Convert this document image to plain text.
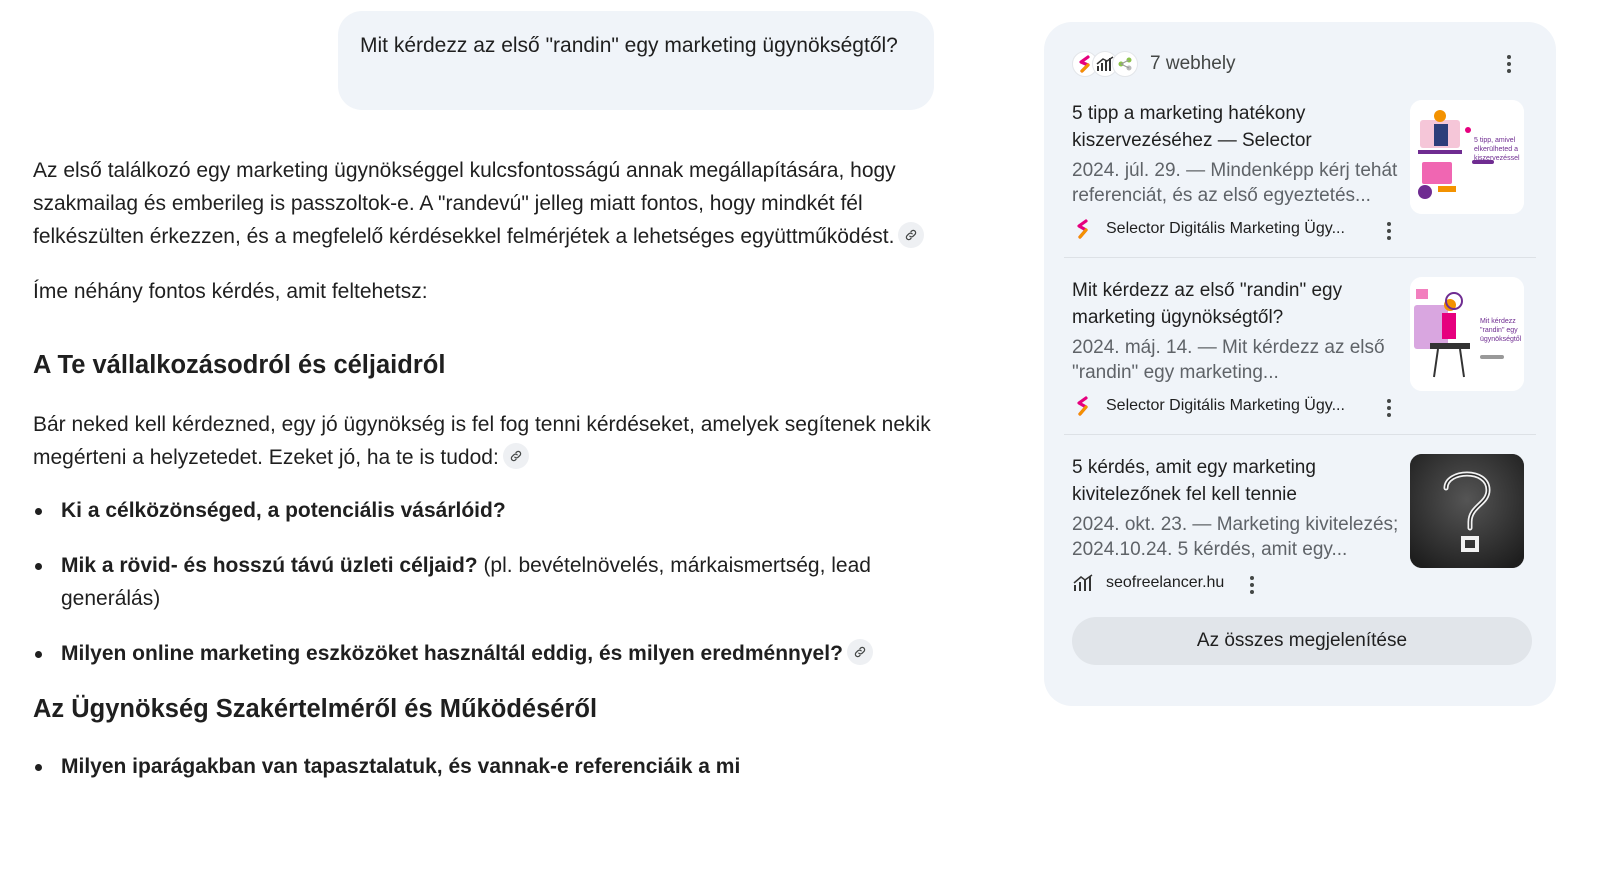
Mit kérdezz az első "randin" egy marketing ügynökségtől?

Az első találkozó egy marketing ügynökséggel kulcsfontosságú annak megállapítására, hogy szakmailag és emberileg is passzoltok-e. A "randevú" jelleg miatt fontos, hogy mindkét fél felkészülten érkezzen, és a megfelelő kérdésekkel felmérjétek a lehetséges együttműködést.

Íme néhány fontos kérdés, amit feltehetsz:

A Te vállalkozásodról és céljaidról

Bár neked kell kérdezned, egy jó ügynökség is fel fog tenni kérdéseket, amelyek segítenek nekik megérteni a helyzetedet. Ezeket jó, ha te is tudod:

Ki a célközönséged, a potenciális vásárlóid?
Mik a rövid- és hosszú távú üzleti céljaid? (pl. bevételnövelés, márkaismertség, lead generálás)
Milyen online marketing eszközöket használtál eddig, és milyen eredménnyel?
Az Ügynökség Szakértelméről és Működéséről
Milyen iparágakban van tapasztalatuk, és vannak-e referenciáik a mi
7 webhely
5 tipp a marketing hatékony kiszervezéséhez — Selector
2024. júl. 29. — Mindenképp kérj tehát referenciát, és az első egyeztetés...
Selector Digitális Marketing Ügy...
5 tipp, amivel elkerülheted a kiszervezéssel
Mit kérdezz az első "randin" egy marketing ügynökségtől?
2024. máj. 14. — Mit kérdezz az első "randin" egy marketing...
Selector Digitális Marketing Ügy...
Mit kérdezz "randin" egy ügynökségtől
5 kérdés, amit egy marketing kivitelezőnek fel kell tennie
2024. okt. 23. — Marketing kivitelezés; 2024.10.24. 5 kérdés, amit egy...
seofreelancer.hu
Az összes megjelenítése
